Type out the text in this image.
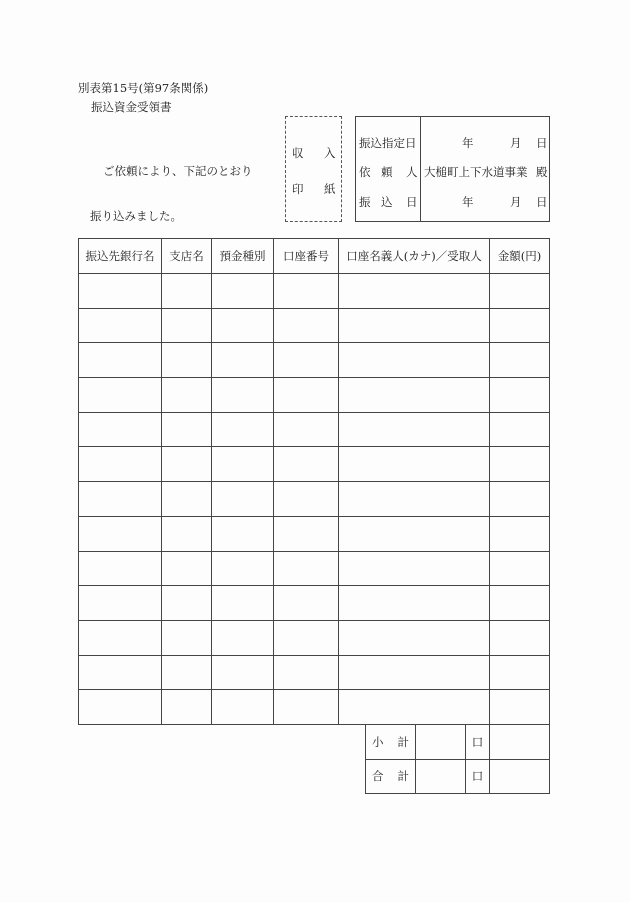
別表第15号(第97条関係)
振込資金受領書
ご依頼により、下記のとおり
振り込みました。
収 入
印 紙
振込指定日	年	月 日
依 頼 人 大槌町上下水道事業 殿
振 込 日	年	月 日
振込先銀行名	支店名	預金種別	口座番号	口座名義人(カナ)／受取人	金額(円)

小 計		口	
合 計		口	
